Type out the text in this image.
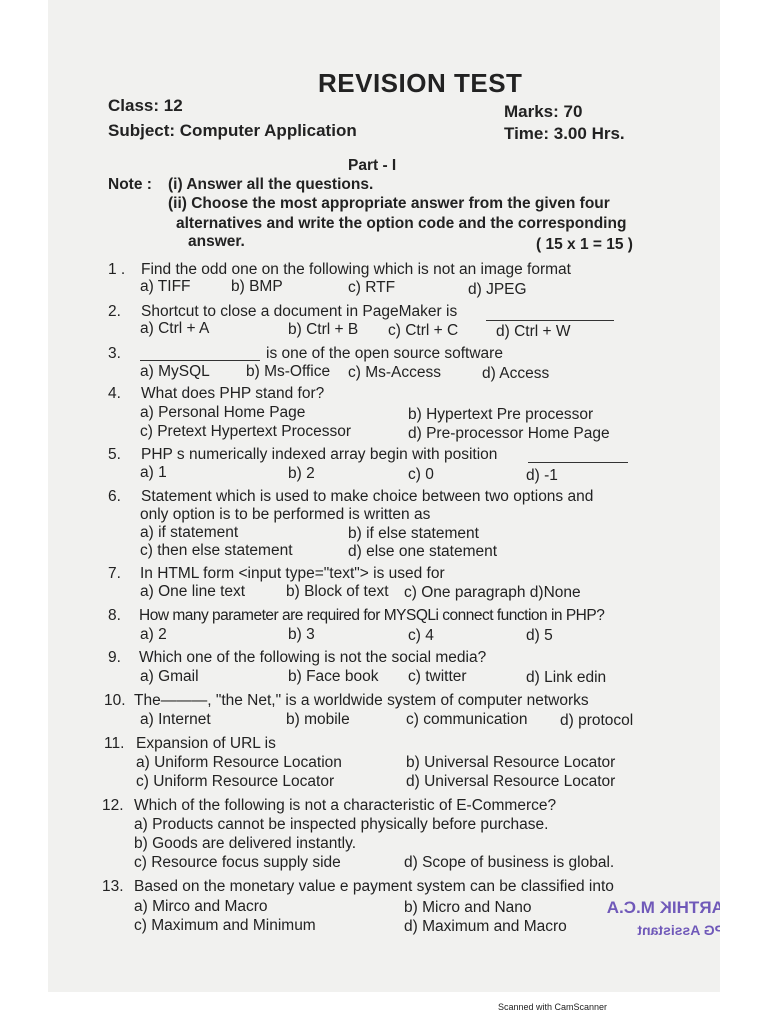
REVISION TEST
Class: 12
Subject: Computer Application
Marks: 70
Time: 3.00 Hrs.
Part - I
Note : (i) Answer all the questions.
(ii) Choose the most appropriate answer from the given four
alternatives and write the option code and the corresponding
answer.	( 15 x 1 = 15 )
1 . Find the odd one on the following which is not an image format
a) TIFF	b) BMP	c) RTF	d) JPEG
2. Shortcut to close a document in PageMaker is
a) Ctrl + A	b) Ctrl + B c) Ctrl + C d) Ctrl + W
3.	is one of the open source software
a) MySQL b) Ms-Office c) Ms-Access	d) Access
4. What does PHP stand for?
a) Personal Home Page	b) Hypertext Pre processor
c) Pretext Hypertext Processor	d) Pre-processor Home Page
5. PHP s numerically indexed array begin with position
a) 1	b) 2	c) 0	d) -1
6. Statement which is used to make choice between two options and
only option is to be performed is written as
a) if statement	b) if else statement
c) then else statement	d) else one statement
7. In HTML form <input type="text"> is used for
a) One line text	b) Block of text c) One paragraph d)None
8. How many parameter are required for MYSQLi connect function in PHP?
a) 2	b) 3	c) 4	d) 5
9. Which one of the following is not the social media?
a) Gmail	b) Face book c) twitter	d) Link edin
10. The———, "the Net," is a worldwide system of computer networks
a) Internet	b) mobile	c) communication d) protocol
11. Expansion of URL is
a) Uniform Resource Location	b) Universal Resource Locator
c) Uniform Resource Locator	d) Universal Resource Locator
12. Which of the following is not a characteristic of E-Commerce?
a) Products cannot be inspected physically before purchase.
b) Goods are delivered instantly.
c) Resource focus supply side	d) Scope of business is global.
13. Based on the monetary value e payment system can be classified into
a) Mirco and Macro	b) Micro and Nano
c) Maximum and Minimum	d) Maximum and Macro
P.KARTHIK M.C.A
PG Assistant
Scanned with CamScanner
